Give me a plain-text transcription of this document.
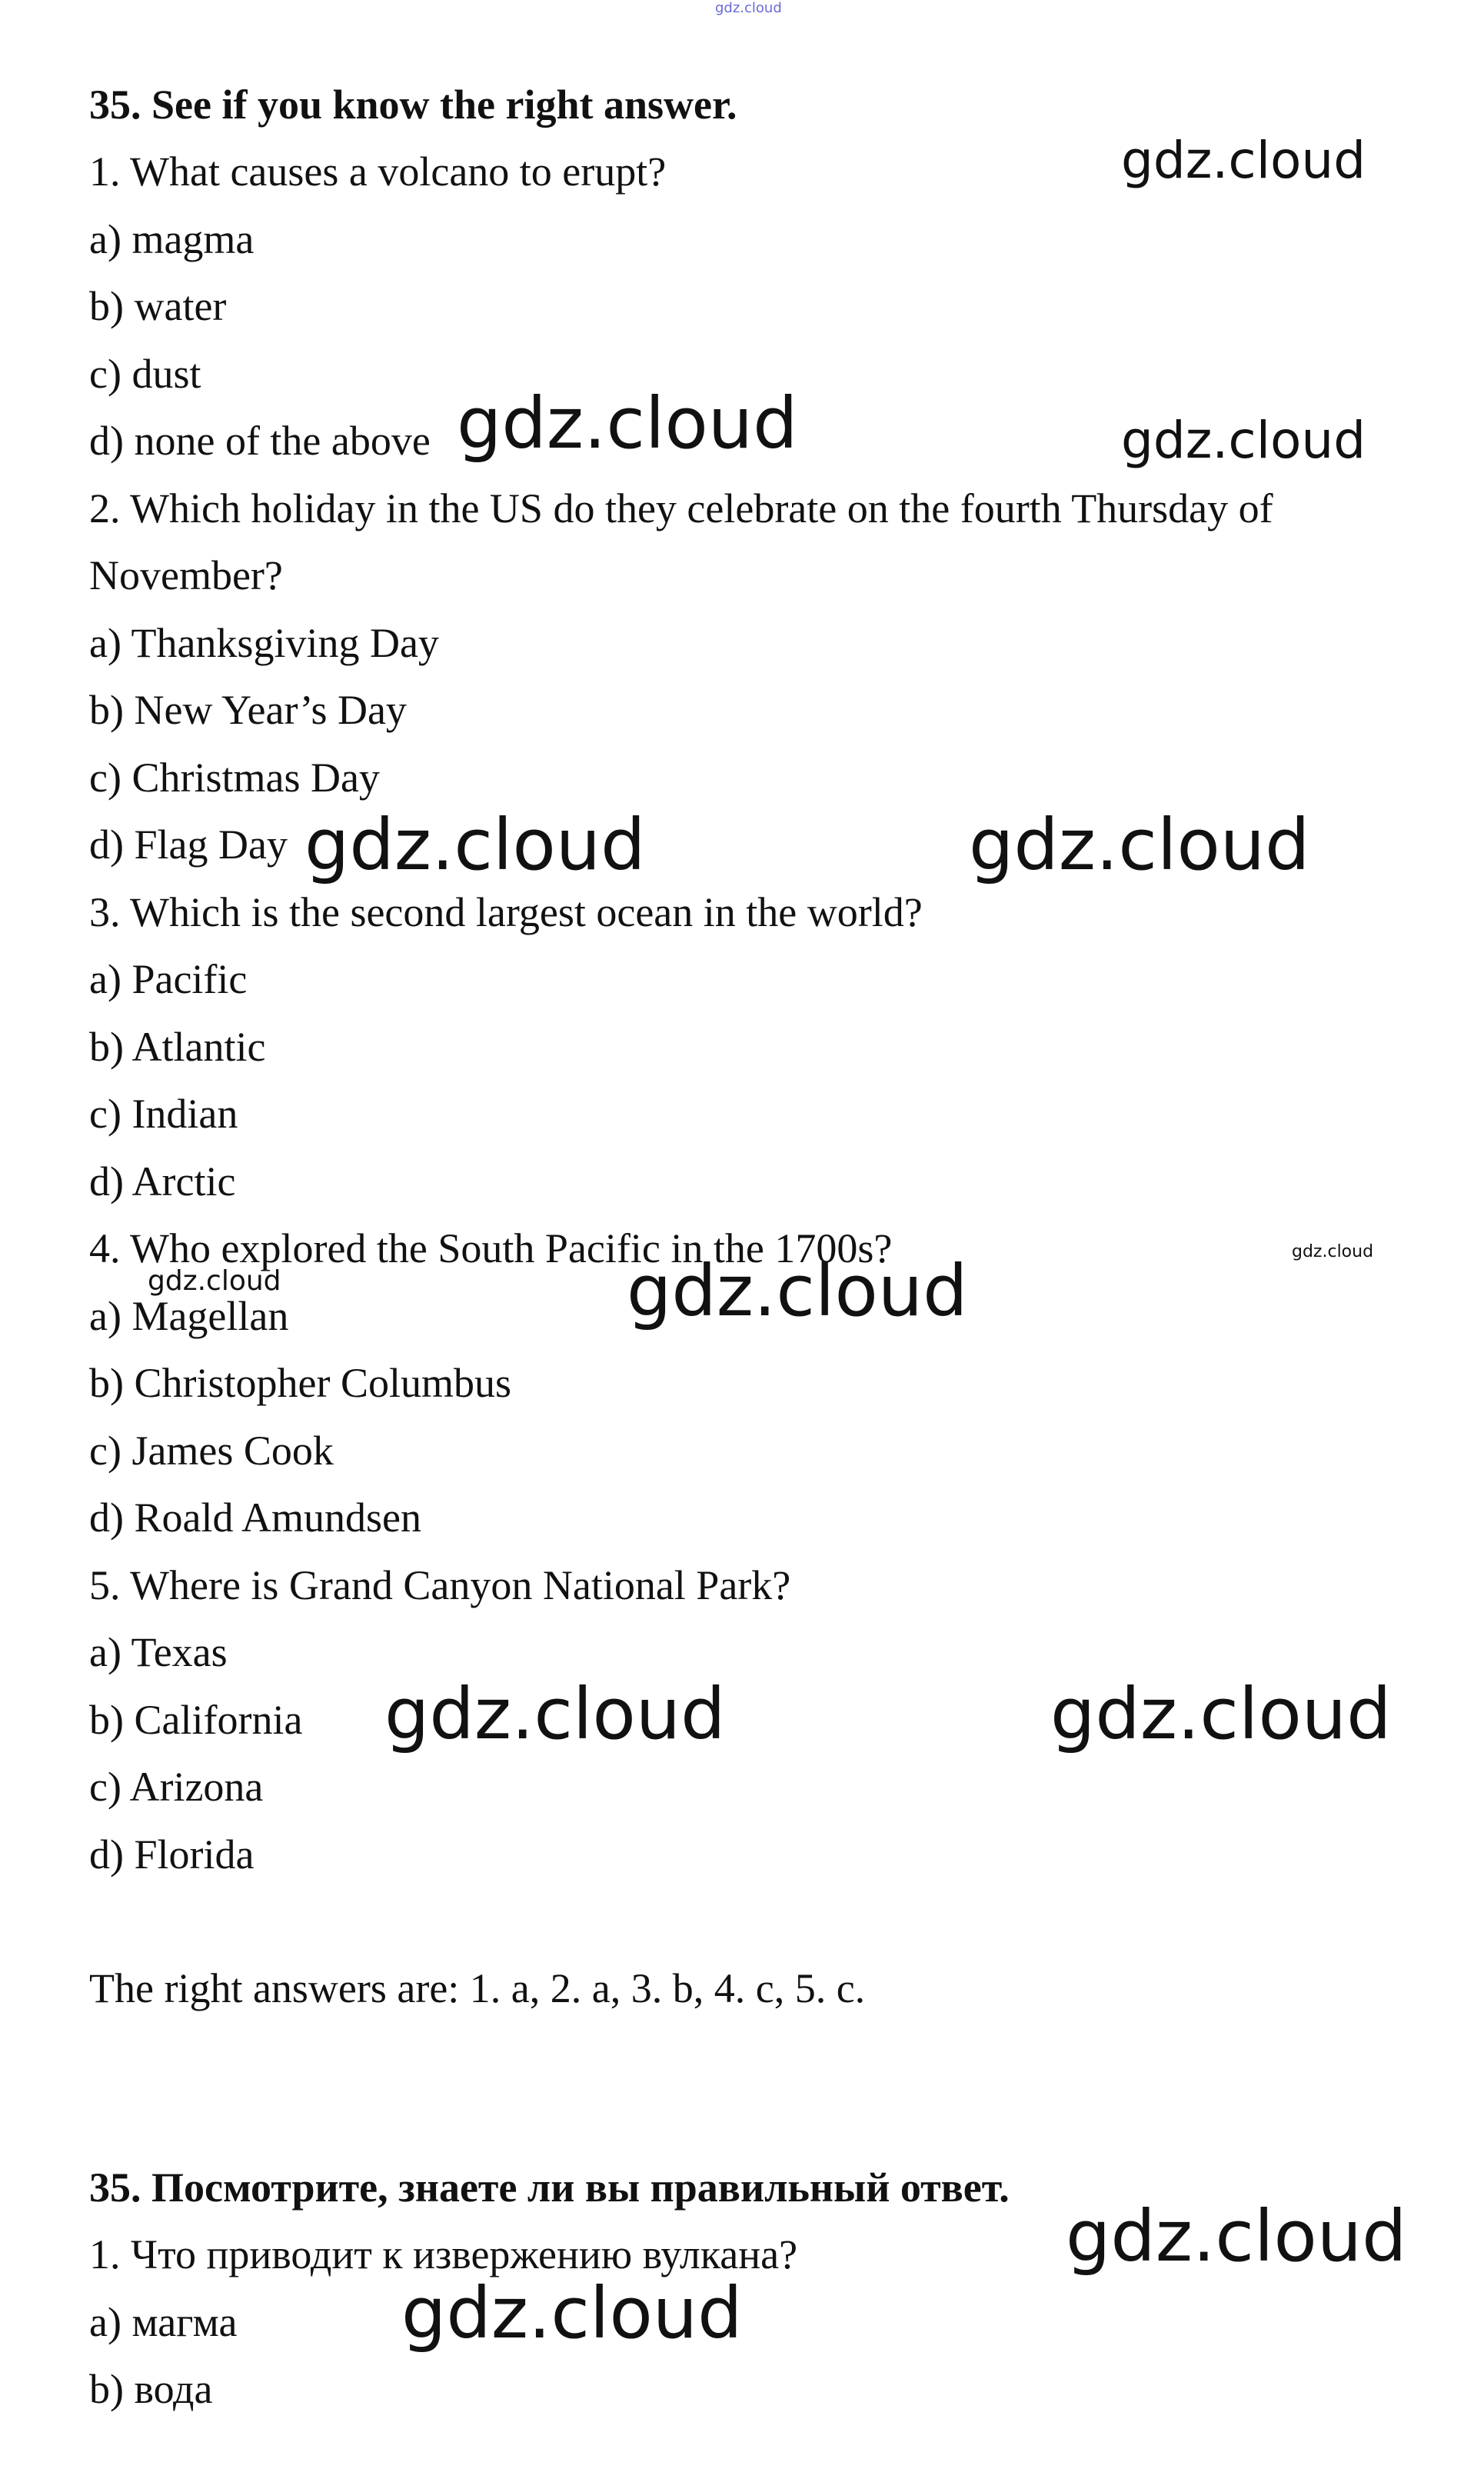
gdz.cloud
35. See if you know the right answer.
1. What causes a volcano to erupt?
a) magma
b) water
c) dust
d) none of the above
2. Which holiday in the US do they celebrate on the fourth Thursday of
November?
a) Thanksgiving Day
b) New Year’s Day
c) Christmas Day
d) Flag Day
3. Which is the second largest ocean in the world?
a) Pacific
b) Atlantic
c) Indian
d) Arctic
4. Who explored the South Pacific in the 1700s?
a) Magellan
b) Christopher Columbus
c) James Cook
d) Roald Amundsen
5. Where is Grand Canyon National Park?
a) Texas
b) California
c) Arizona
d) Florida
The right answers are: 1. a, 2. a, 3. b, 4. c, 5. c.
35. Посмотрите, знаете ли вы правильный ответ.
1. Что приводит к извержению вулкана?
a) магма
b) вода
gdz.cloud
gdz.cloud	gdz.cloud
gdz.cloud	gdz.cloud
gdz.cloud
gdz.cloud
gdz.cloud
gdz.cloud	gdz.cloud
gdz.cloud
gdz.cloud
